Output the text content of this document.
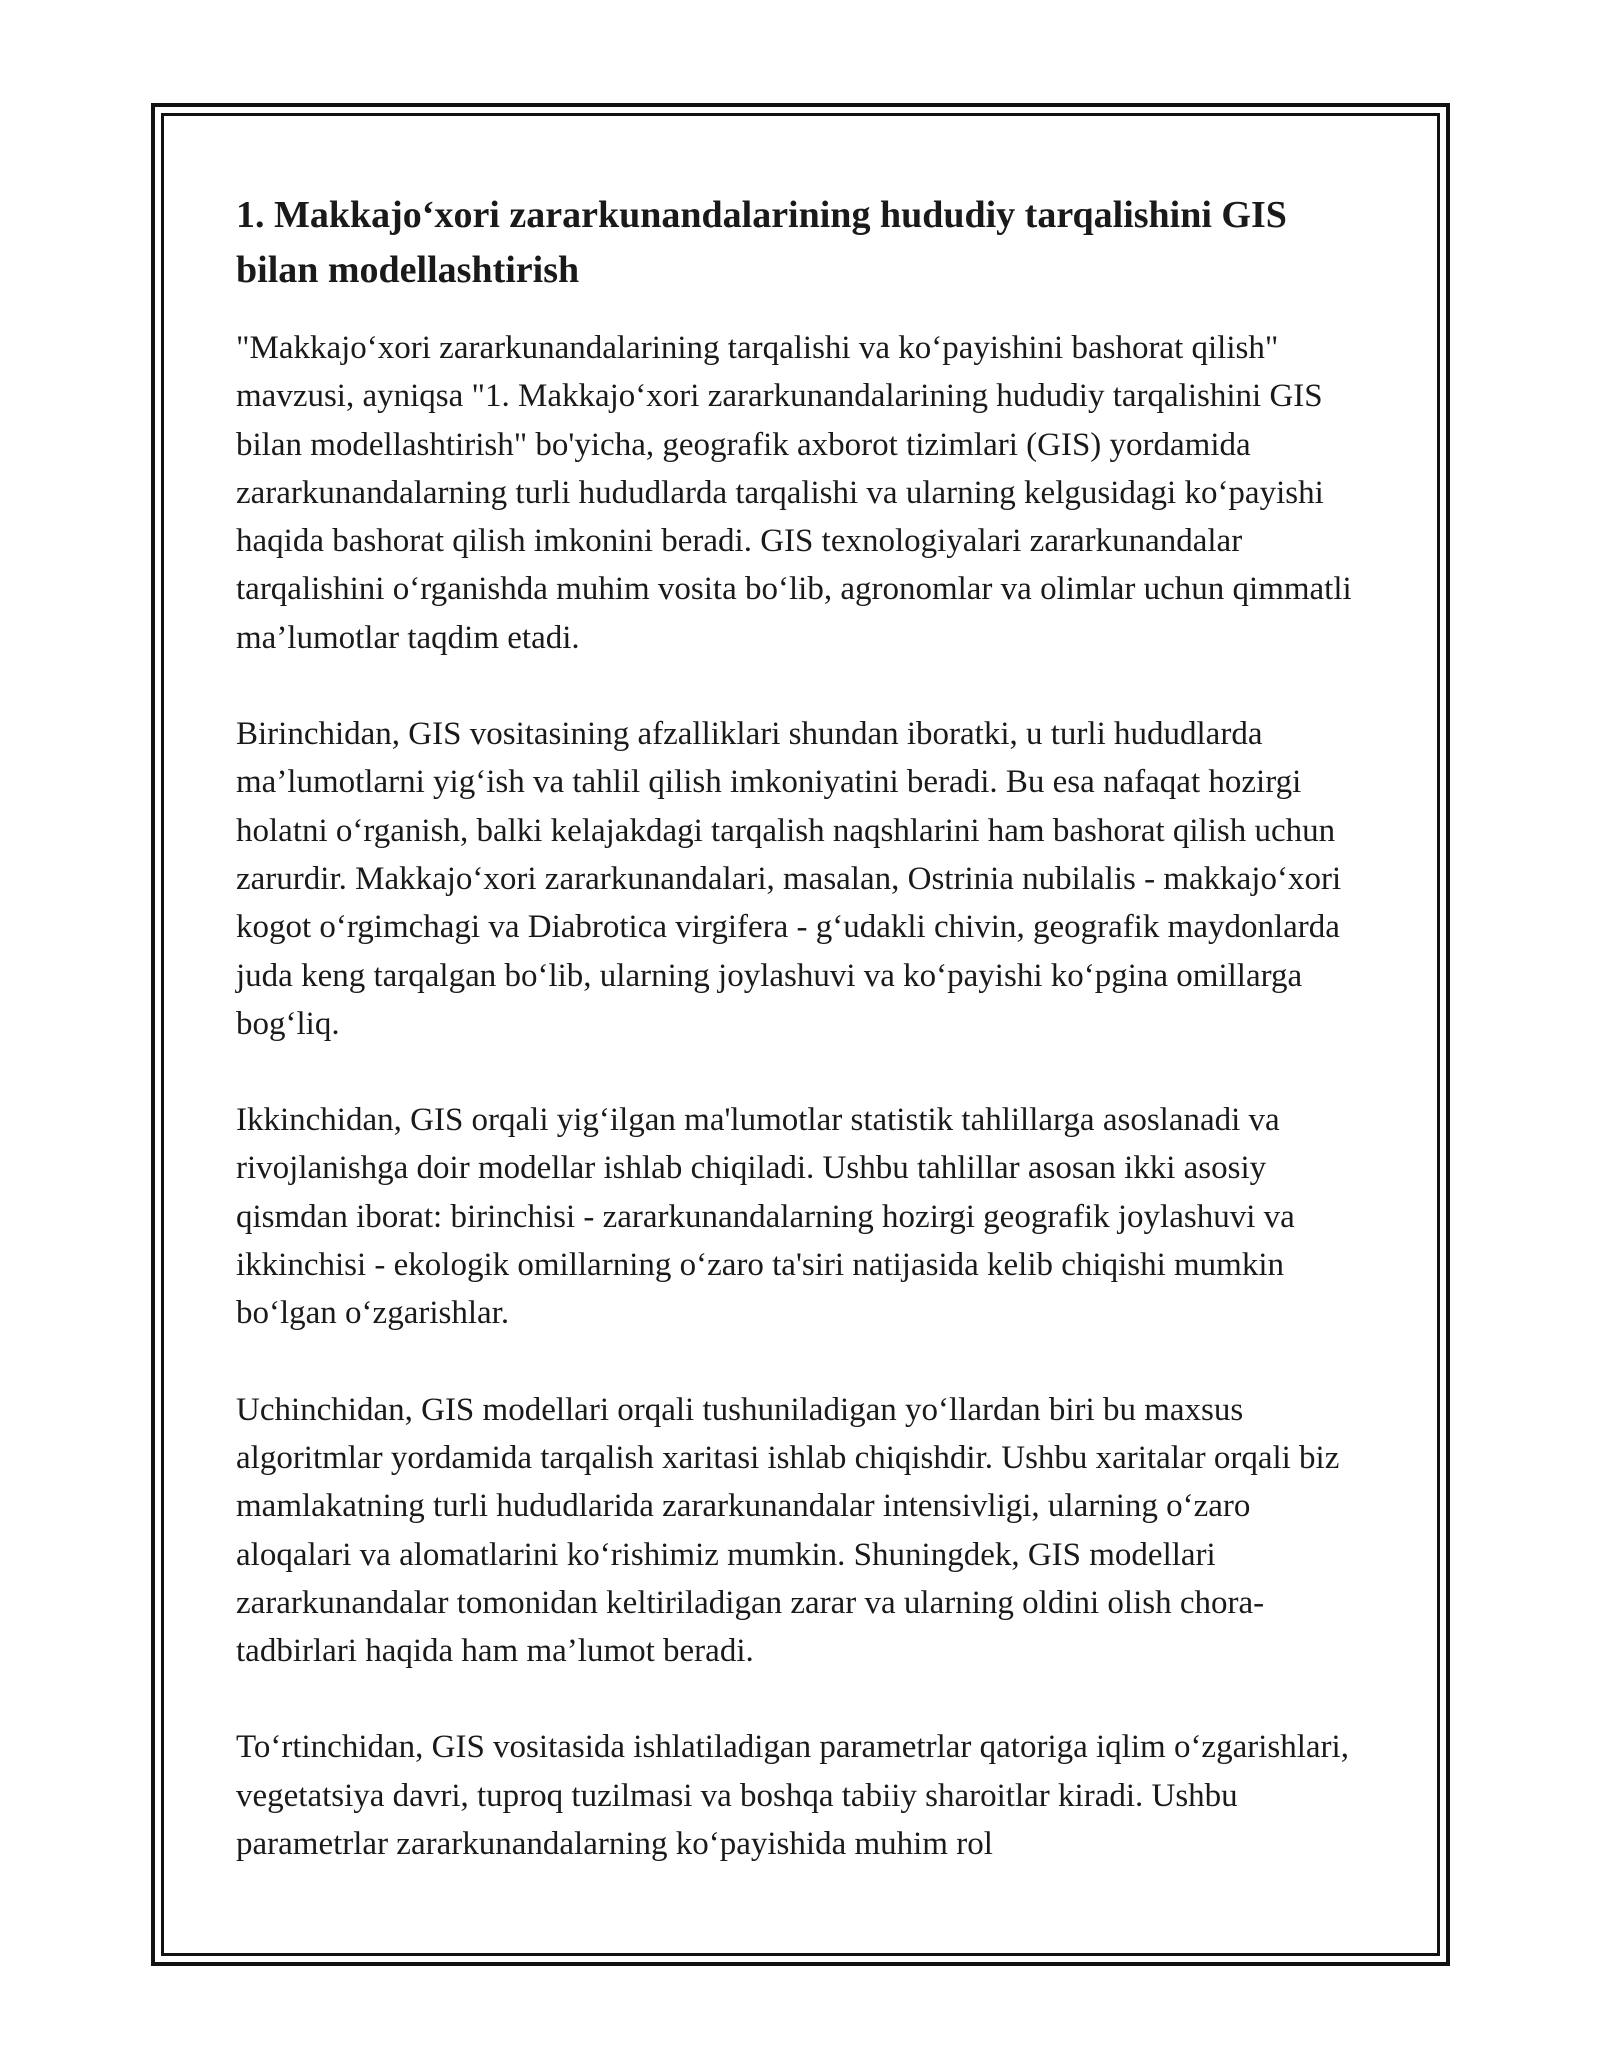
1. Makkajo‘xori zararkunandalarining hududiy tarqalishini GIS bilan modellashtirish

"Makkajo‘xori zararkunandalarining tarqalishi va ko‘payishini bashorat qilish" mavzusi, ayniqsa "1. Makkajo‘xori zararkunandalarining hududiy tarqalishini GIS bilan modellashtirish" bo'yicha, geografik axborot tizimlari (GIS) yordamida zararkunandalarning turli hududlarda tarqalishi va ularning kelgusidagi ko‘payishi haqida bashorat qilish imkonini beradi. GIS texnologiyalari zararkunandalar tarqalishini o‘rganishda muhim vosita bo‘lib, agronomlar va olimlar uchun qimmatli ma’lumotlar taqdim etadi.

Birinchidan, GIS vositasining afzalliklari shundan iboratki, u turli hududlarda ma’lumotlarni yig‘ish va tahlil qilish imkoniyatini beradi. Bu esa nafaqat hozirgi holatni o‘rganish, balki kelajakdagi tarqalish naqshlarini ham bashorat qilish uchun zarurdir. Makkajo‘xori zararkunandalari, masalan, Ostrinia nubilalis - makkajo‘xori kogot o‘rgimchagi va Diabrotica virgifera - g‘udakli chivin, geografik maydonlarda juda keng tarqalgan bo‘lib, ularning joylashuvi va ko‘payishi ko‘pgina omillarga bog‘liq.

Ikkinchidan, GIS orqali yig‘ilgan ma'lumotlar statistik tahlillarga asoslanadi va rivojlanishga doir modellar ishlab chiqiladi. Ushbu tahlillar asosan ikki asosiy qismdan iborat: birinchisi - zararkunandalarning hozirgi geografik joylashuvi va ikkinchisi - ekologik omillarning o‘zaro ta'siri natijasida kelib chiqishi mumkin bo‘lgan o‘zgarishlar.

Uchinchidan, GIS modellari orqali tushuniladigan yo‘llardan biri bu maxsus algoritmlar yordamida tarqalish xaritasi ishlab chiqishdir. Ushbu xaritalar orqali biz mamlakatning turli hududlarida zararkunandalar intensivligi, ularning o‘zaro aloqalari va alomatlarini ko‘rishimiz mumkin. Shuningdek, GIS modellari zararkunandalar tomonidan keltiriladigan zarar va ularning oldini olish chora-tadbirlari haqida ham ma’lumot beradi.

To‘rtinchidan, GIS vositasida ishlatiladigan parametrlar qatoriga iqlim o‘zgarishlari, vegetatsiya davri, tuproq tuzilmasi va boshqa tabiiy sharoitlar kiradi. Ushbu parametrlar zararkunandalarning ko‘payishida muhim rol
